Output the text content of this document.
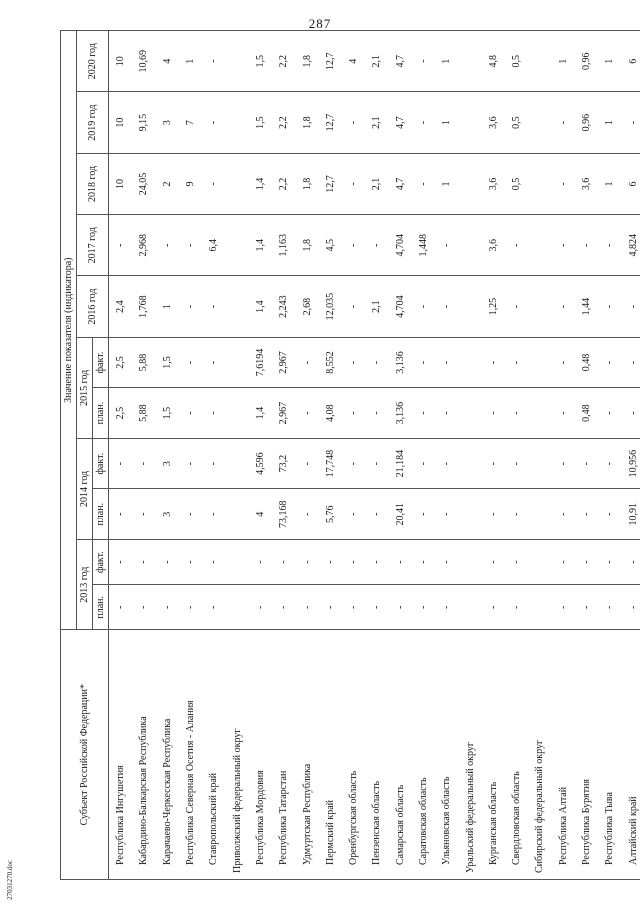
287
Субъект Российской Федерации*	Значение показателя (индикатора)										
	2013 год		2014 год		2015 год		2016 год	2017 год	2018 год	2019 год	2020 год
	план.	факт.	план.	факт.	план.	факт.					
Республика Ингушетия	-	-	-	-	2,5	2,5	2,4	-	10	10	10
Кабардино-Балкарская Республика	-	-	-	-	5,88	5,88	1,768	2,968	24,05	9,15	10,69
Карачаево-Черкесская Республика	-	-	3	3	1,5	1,5	1	-	2	3	4
Республика Северная Осетия - Алания	-	-	-	-	-	-	-	-	9	7	1
Ставропольский край	-	-	-	-	-	-	-	6,4	-	-	-
Приволжский федеральный округ											
Республика Мордовия	-	-	4	4,596	1,4	7,6194	1,4	1,4	1,4	1,5	1,5
Республика Татарстан	-	-	73,168	73,2	2,967	2,967	2,243	1,163	2,2	2,2	2,2
Удмуртская Республика	-	-	-	-	-	-	2,68	1,8	1,8	1,8	1,8
Пермский край	-	-	5,76	17,748	4,08	8,552	12,035	4,5	12,7	12,7	12,7
Оренбургская область	-	-	-	-	-	-	-	-	-	-	4
Пензенская область	-	-	-	-	-	-	2,1	-	2,1	2,1	2,1
Самарская область	-	-	20,41	21,184	3,136	3,136	4,704	4,704	4,7	4,7	4,7
Саратовская область	-	-	-	-	-	-	-	1,448	-	-	-
Ульяновская область	-	-	-	-	-	-	-	-	1	1	1
Уральский федеральный округ											
Курганская область	-	-	-	-	-	-	1,25	3,6	3,6	3,6	4,8
Свердловская область	-	-	-	-	-	-	-	-	0,5	0,5	0,5
Сибирский федеральный округ											
Республика Алтай	-	-	-	-	-	-	-	-	-	-	1
Республика Бурятия	-	-	-	-	0,48	0,48	1,44	-	3,6	0,96	0,96
Республика Тыва	-	-	-	-	-	-	-	-	1	1	1
Алтайский край	-	-	10,91	10,956	-	-	-	4,824	6	-	6
27031270.doc
